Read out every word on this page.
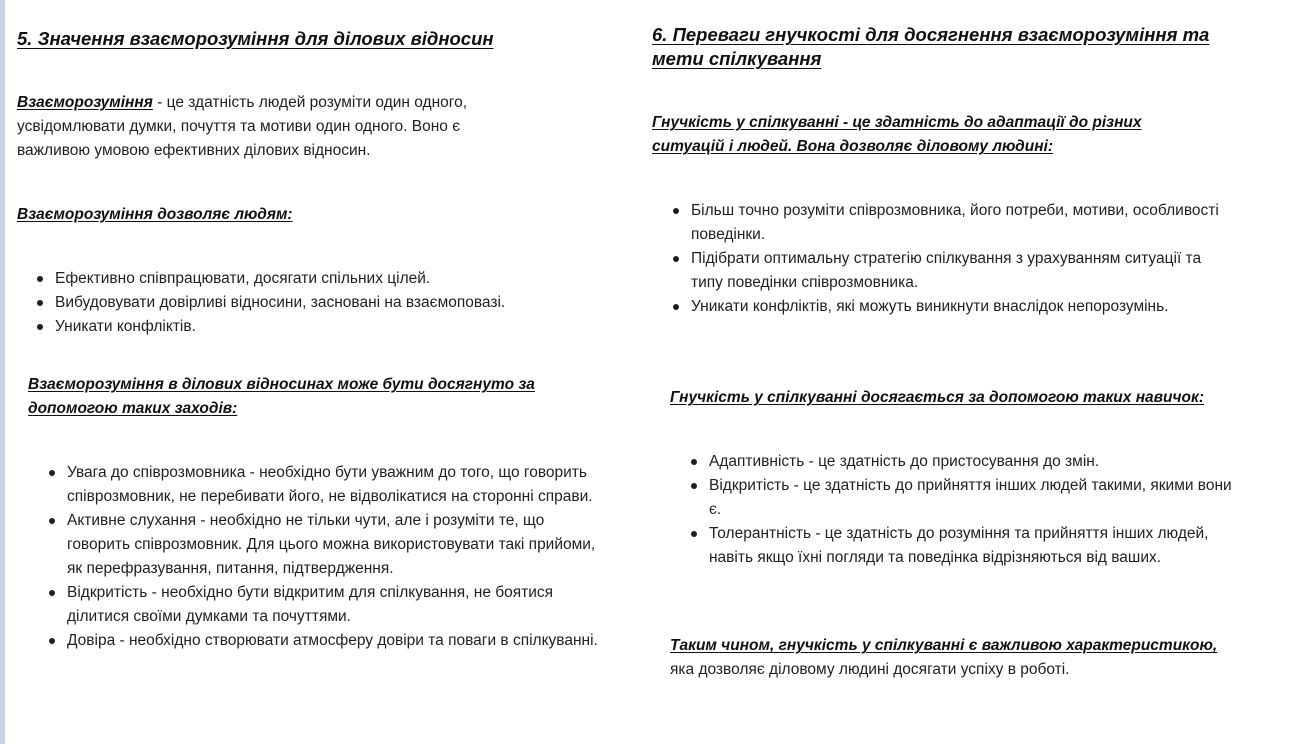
5. Значення взаєморозуміння для ділових відносин

Взаєморозуміння - це здатність людей розуміти один одного, усвідомлювати думки, почуття та мотиви один одного. Воно є важливою умовою ефективних ділових відносин.

Взаєморозуміння дозволяє людям:

Ефективно співпрацювати, досягати спільних цілей.
Вибудовувати довірливі відносини, засновані на взаємоповазі.
Уникати конфліктів.

Взаєморозуміння в ділових відносинах може бути досягнуто за допомогою таких заходів:

Увага до співрозмовника - необхідно бути уважним до того, що говорить співрозмовник, не перебивати його, не відволікатися на сторонні справи.
Активне слухання - необхідно не тільки чути, але і розуміти те, що говорить співрозмовник. Для цього можна використовувати такі прийоми, як перефразування, питання, підтвердження.
Відкритість - необхідно бути відкритим для спілкування, не боятися ділитися своїми думками та почуттями.
Довіра - необхідно створювати атмосферу довіри та поваги в спілкуванні.
6. Переваги гнучкості для досягнення взаєморозуміння та мети спілкування

Гнучкість у спілкуванні - це здатність до адаптації до різних ситуацій і людей. Вона дозволяє діловому людині:

Більш точно розуміти співрозмовника, його потреби, мотиви, особливості поведінки.
Підібрати оптимальну стратегію спілкування з урахуванням ситуації та типу поведінки співрозмовника.
Уникати конфліктів, які можуть виникнути внаслідок непорозумінь.

Гнучкість у спілкуванні досягається за допомогою таких навичок:

Адаптивність - це здатність до пристосування до змін.
Відкритість - це здатність до прийняття інших людей такими, якими вони є.
Толерантність - це здатність до розуміння та прийняття інших людей, навіть якщо їхні погляди та поведінка відрізняються від ваших.

Таким чином, гнучкість у спілкуванні є важливою характеристикою, яка дозволяє діловому людині досягати успіху в роботі.
